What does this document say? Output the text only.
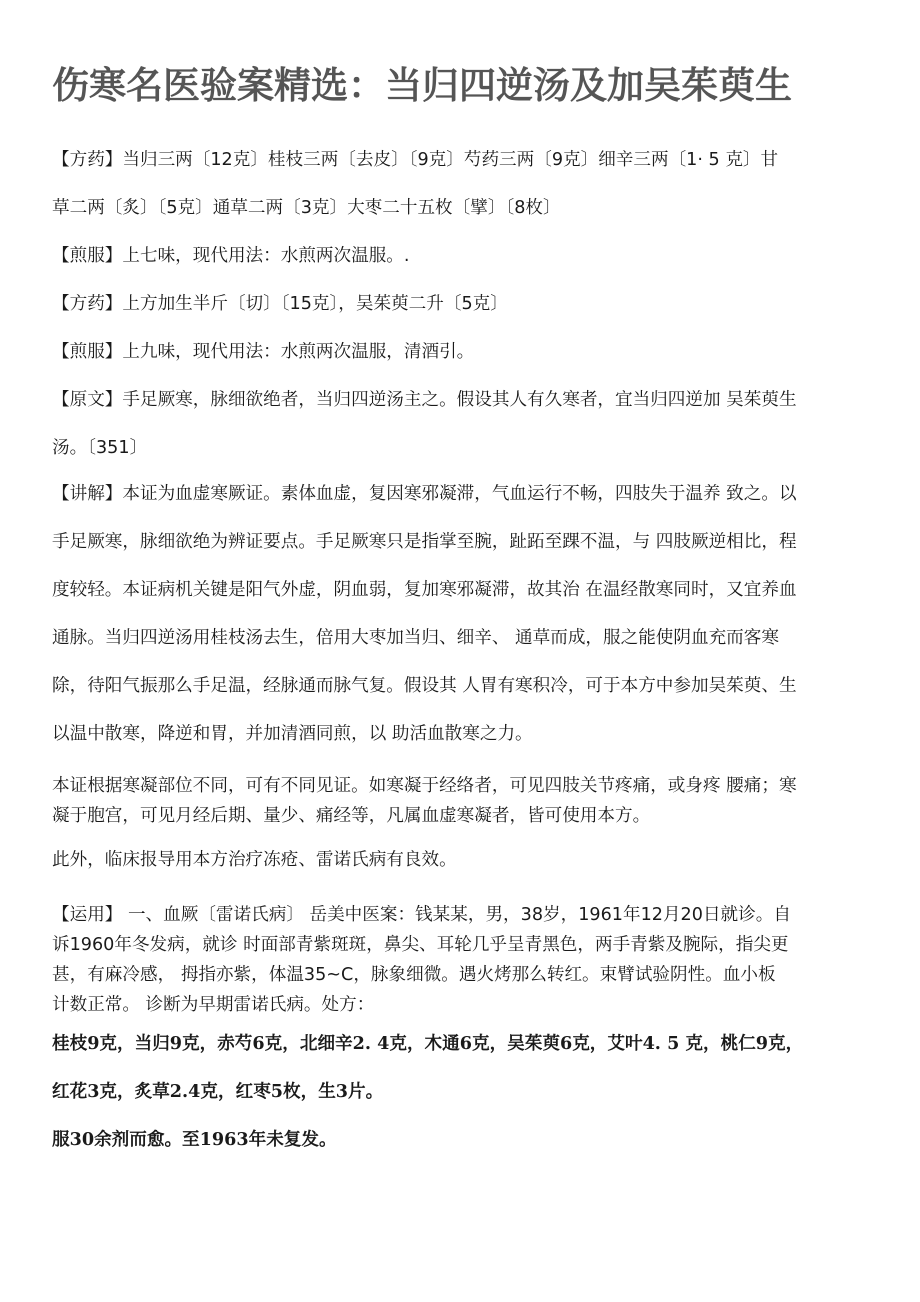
伤寒名医验案精选：当归四逆汤及加吴茱萸生
【方药】当归三两〔12克〕桂枝三两〔去皮〕〔9克〕芍药三两〔9克〕细辛三两〔1· 5 克〕甘
草二两〔炙〕〔5克〕通草二两〔3克〕大枣二十五枚〔擘〕〔8枚〕
【煎服】上七味，现代用法：水煎两次温服。.
【方药】上方加生半斤〔切〕〔15克〕，吴茱萸二升〔5克〕
【煎服】上九味，现代用法：水煎两次温服，清酒引。
【原文】手足厥寒，脉细欲绝者，当归四逆汤主之。假设其人有久寒者，宜当归四逆加 吴茱萸生
汤。〔351〕
【讲解】本证为血虚寒厥证。素体血虚，复因寒邪凝滞，气血运行不畅，四肢失于温养 致之。以
手足厥寒，脉细欲绝为辨证要点。手足厥寒只是指掌至腕，趾跖至踝不温，与 四肢厥逆相比，程
度较轻。本证病机关键是阳气外虚，阴血弱，复加寒邪凝滞，故其治 在温经散寒同时，又宜养血
通脉。当归四逆汤用桂枝汤去生，倍用大枣加当归、细辛、 通草而成，服之能使阴血充而客寒
除，待阳气振那么手足温，经脉通而脉气复。假设其 人胃有寒积冷，可于本方中参加吴茱萸、生
以温中散寒，降逆和胃，并加清酒同煎，以 助活血散寒之力。
本证根据寒凝部位不同，可有不同见证。如寒凝于经络者，可见四肢关节疼痛，或身疼 腰痛；寒
凝于胞宫，可见月经后期、量少、痛经等，凡属血虚寒凝者，皆可使用本方。
此外，临床报导用本方治疗冻疮、雷诺氏病有良效。
【运用】 一、血厥〔雷诺氏病〕 岳美中医案：钱某某，男，38岁，1961年12月20日就诊。自
诉1960年冬发病，就诊 时面部青紫斑斑，鼻尖、耳轮几乎呈青黑色，两手青紫及腕际，指尖更
甚，有麻冷感， 拇指亦紫，体温35~C，脉象细微。遇火烤那么转红。束臂试验阴性。血小板
计数正常。 诊断为早期雷诺氏病。处方：
桂枝9克，当归9克，赤芍6克，北细辛2. 4克，木通6克，吴茱萸6克，艾叶4. 5 克，桃仁9克，
红花3克，炙草2.4克，红枣5枚，生3片。
服30余剂而愈。至1963年未复发。
